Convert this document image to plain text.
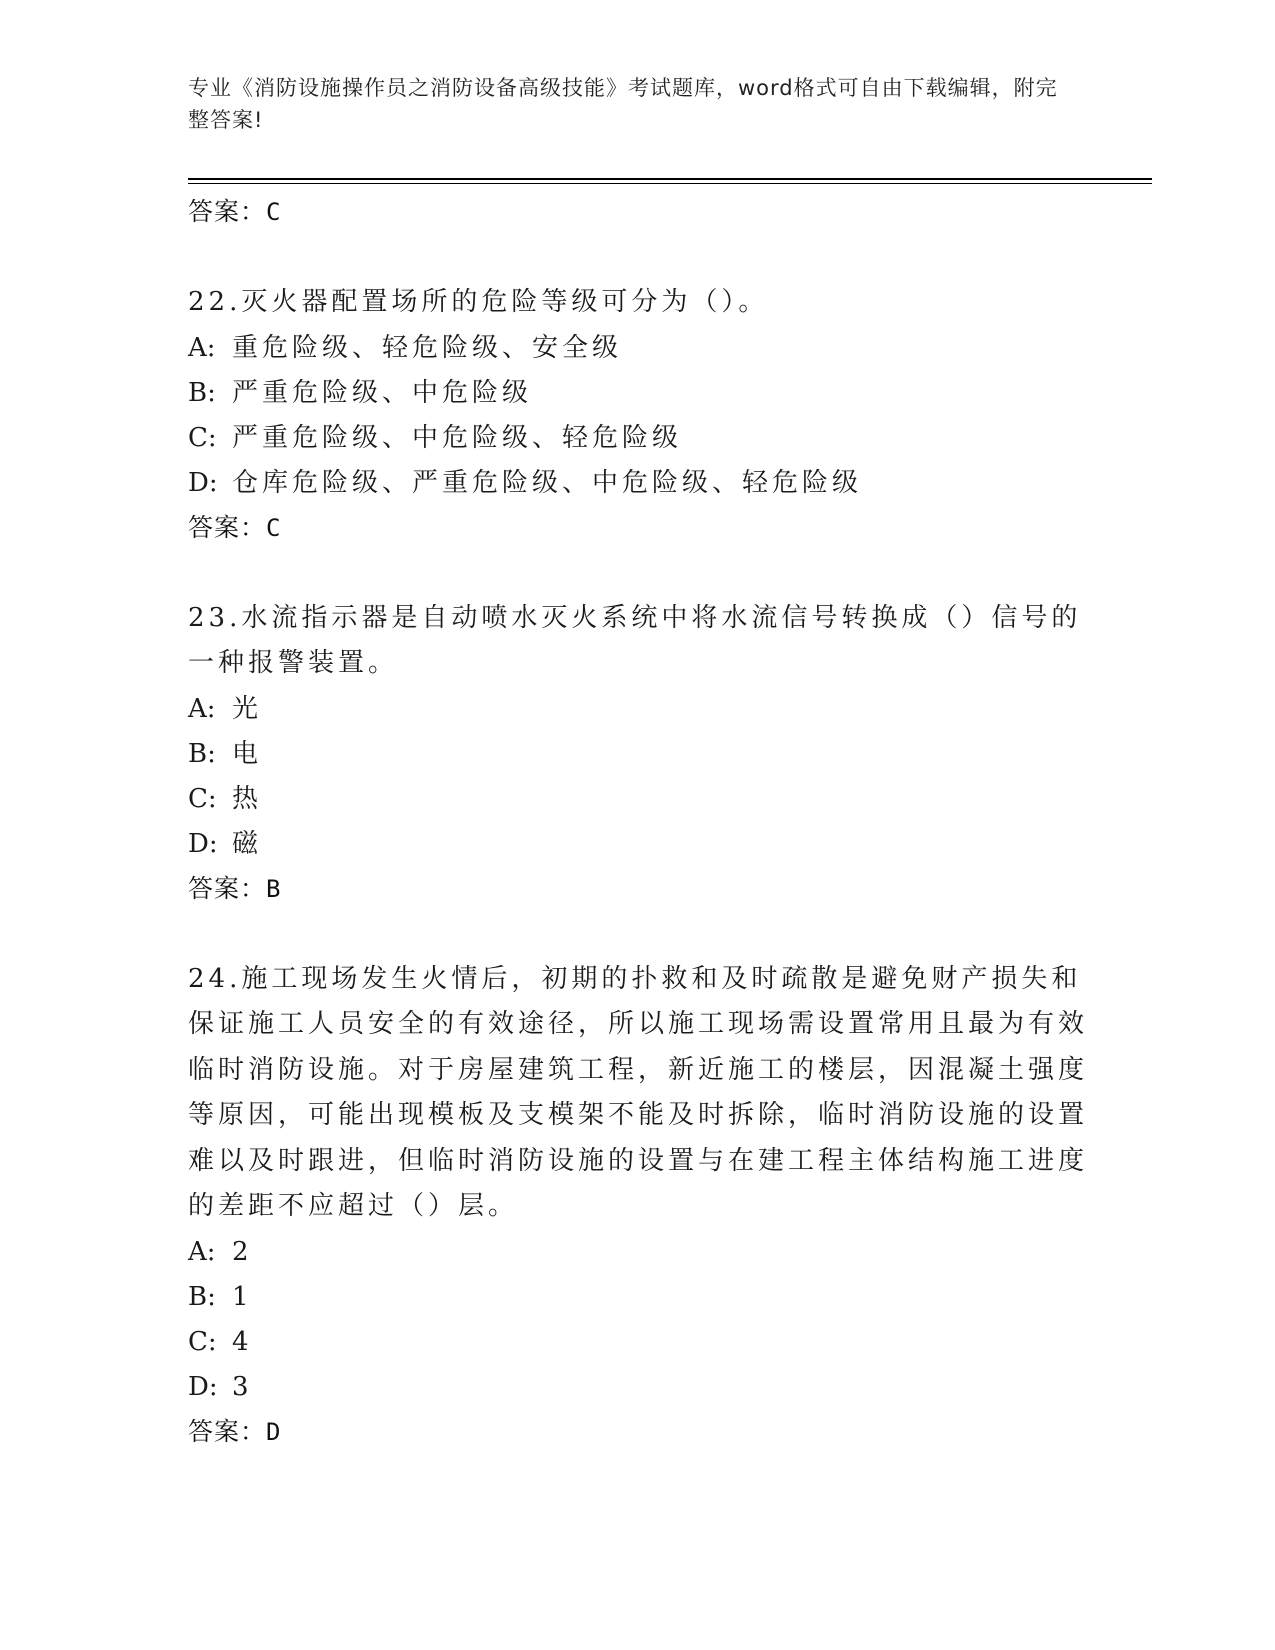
专业《消防设施操作员之消防设备高级技能》考试题库，word格式可自由下载编辑，附完整答案!
答案：C
22.灭火器配置场所的危险等级可分为（）。
A: 重危险级、轻危险级、安全级
B: 严重危险级、中危险级
C: 严重危险级、中危险级、轻危险级
D: 仓库危险级、严重危险级、中危险级、轻危险级
答案：C
23.水流指示器是自动喷水灭火系统中将水流信号转换成（）信号的一种报警装置。
A: 光
B: 电
C: 热
D: 磁
答案：B
24.施工现场发生火情后，初期的扑救和及时疏散是避免财产损失和保证施工人员安全的有效途径，所以施工现场需设置常用且最为有效临时消防设施。对于房屋建筑工程，新近施工的楼层，因混凝土强度等原因，可能出现模板及支模架不能及时拆除，临时消防设施的设置难以及时跟进，但临时消防设施的设置与在建工程主体结构施工进度的差距不应超过（）层。
A: 2
B: 1
C: 4
D: 3
答案：D
